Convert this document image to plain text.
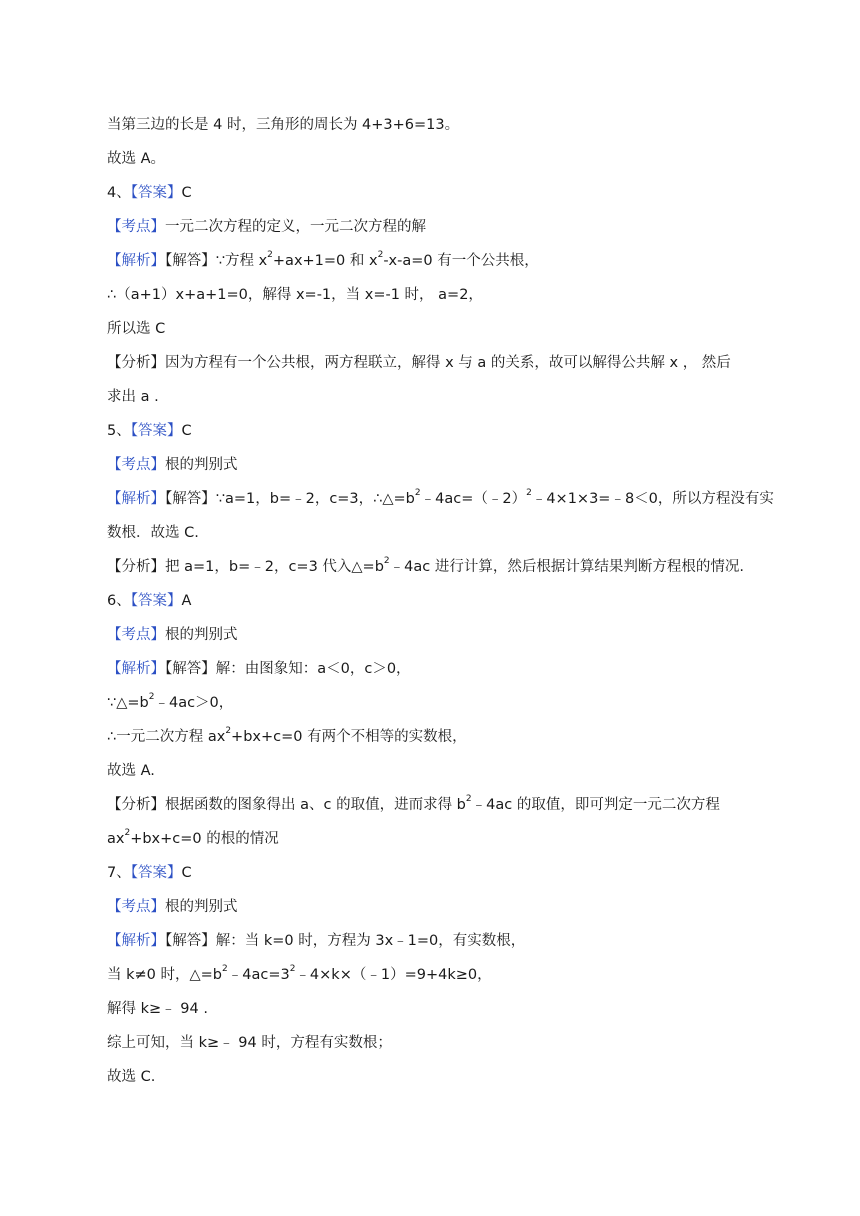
当第三边的长是 4 时，三角形的周长为 4+3+6=13。
故选 A。
4、【答案】C
【考点】一元二次方程的定义，一元二次方程的解
【解析】【解答】∵方程 $x^2+ax+1=0$ 和 $x^2-x-a=0$ 有一个公共根，
∴（a+1）x+a+1=0，解得 x=-1，当 x=-1 时， a=2，
所以选 C
【分析】因为方程有一个公共根，两方程联立，解得 x 与 a 的关系，故可以解得公共解 x ， 然后
求出 a .
5、【答案】C
【考点】根的判别式
【解析】【解答】∵a=1，b=﹣2，c=3，$\therefore\triangle=b^2﹣4ac=(﹣2)^2﹣4\times 1\times 3=﹣8<0$，所以方程没有实
数根．故选 C.
【分析】把 a=1，b=﹣2，c=3 代入$\triangle=b^2﹣4ac$ 进行计算，然后根据计算结果判断方程根的情况.
6、【答案】A
【考点】根的判别式
【解析】【解答】解：由图象知：a＜0，c＞0，
$\because\triangle=b^2﹣4ac>0$，
∴一元二次方程 $ax^2+bx+c=0$ 有两个不相等的实数根，
故选 A.
【分析】根据函数的图象得出 a、c 的取值，进而求得 $b^2﹣4ac$ 的取值，即可判定一元二次方程
$ax^2+bx+c=0$ 的根的情况
7、【答案】C
【考点】根的判别式
【解析】【解答】解：当 k=0 时，方程为 3x﹣1=0，有实数根，
当 k≠0 时，$\triangle=b^2﹣4ac=3^2﹣4\times k\times(﹣1)=9+4k\ge 0$，
解得 k≥﹣ 94 .
综上可知，当 k≥﹣ 94 时，方程有实数根；
故选 C.
